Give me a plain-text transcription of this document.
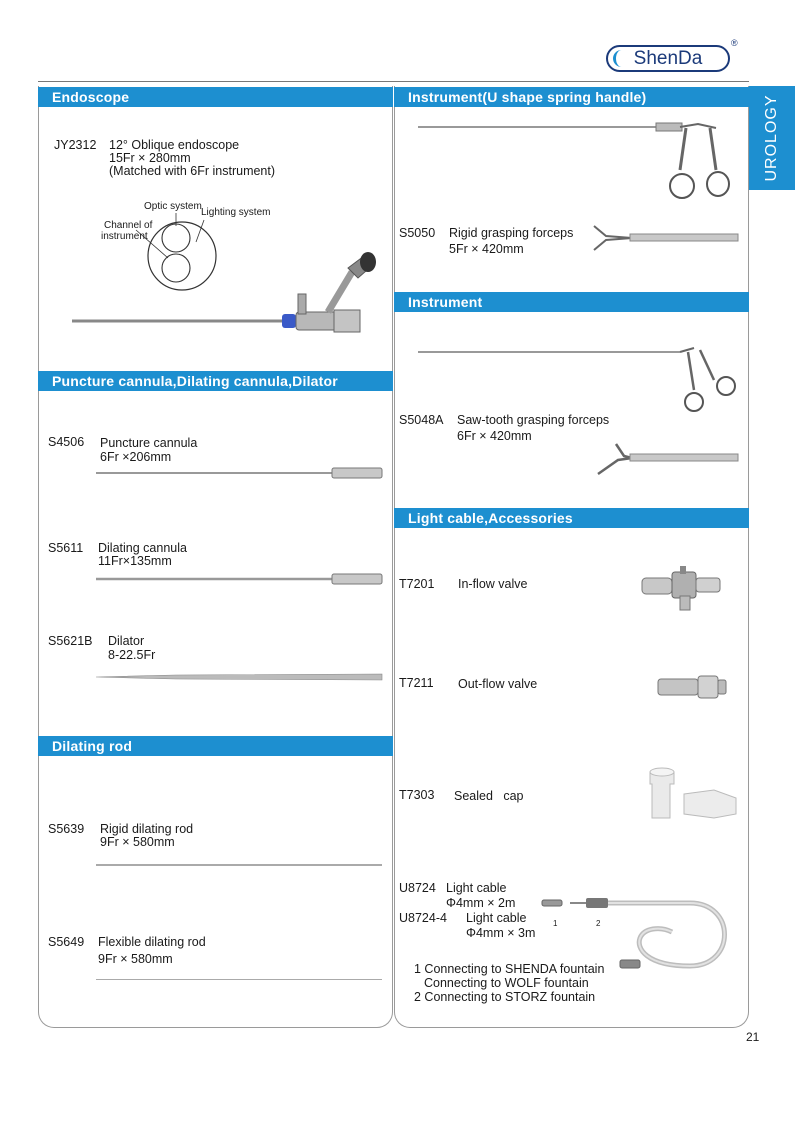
ShenDa
®
UROLOGY
Endoscope
JY2312 12° Oblique endoscope
15Fr × 280mm
(Matched with 6Fr instrument)
Optic system
Lighting system
Channel of
instrument
Puncture cannula,Dilating cannula,Dilator
S4506 Puncture cannula
6Fr ×206mm
S5611 Dilating cannula
11Fr×135mm
S5621B Dilator
8-22.5Fr
Dilating rod
S5639 Rigid dilating rod
9Fr × 580mm
S5649 Flexible dilating rod
9Fr × 580mm
Instrument(U shape spring handle)
S5050 Rigid grasping forceps
5Fr × 420mm
Instrument
S5048A Saw-tooth grasping forceps
6Fr × 420mm
Light cable,Accessories
T7201 In-flow valve
T7211 Out-flow valve
T7303 Sealed   cap
U8724 Light cable
Φ4mm × 2m
U8724-4 Light cable
Φ4mm × 3m
1	2
1 Connecting to SHENDA fountain
Connecting to WOLF fountain
2 Connecting to STORZ fountain
21
